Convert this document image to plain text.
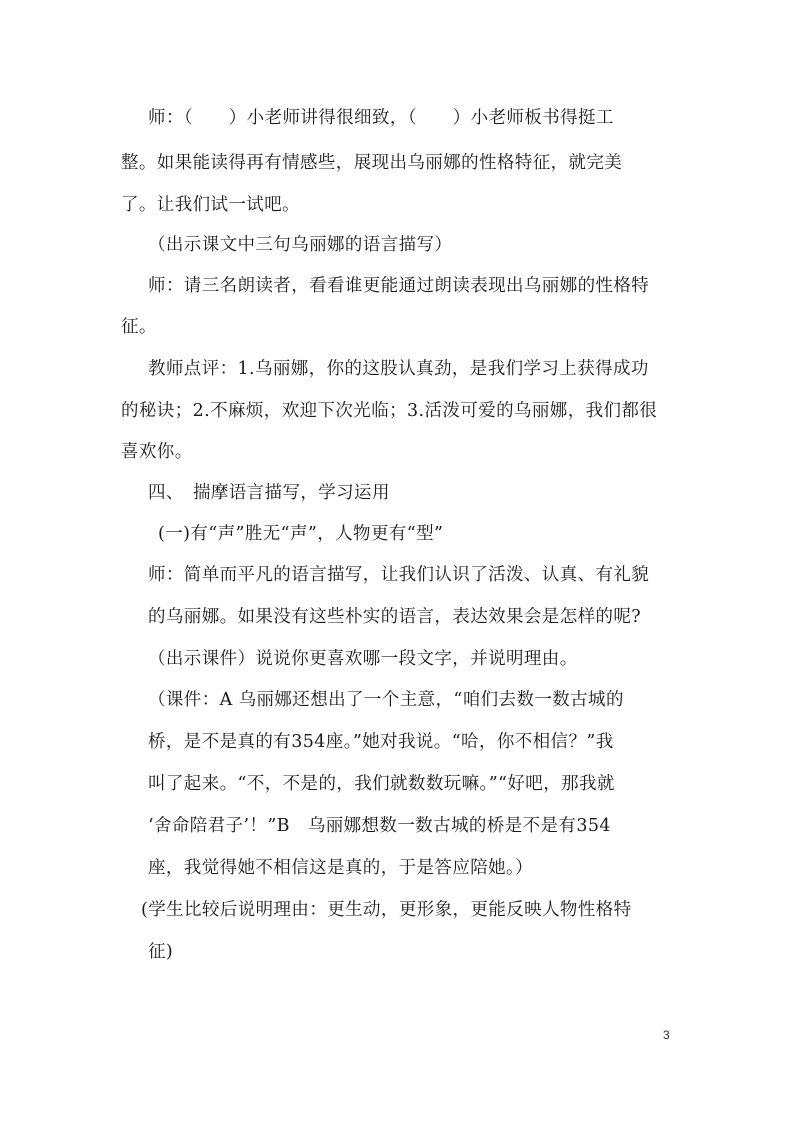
师：（　　）小老师讲得很细致，（　　）小老师板书得挺工
整。如果能读得再有情感些，展现出乌丽娜的性格特征，就完美
了。让我们试一试吧。
（出示课文中三句乌丽娜的语言描写）
师：请三名朗读者，看看谁更能通过朗读表现出乌丽娜的性格特
征。
教师点评：1.乌丽娜，你的这股认真劲，是我们学习上获得成功
的秘诀；2.不麻烦，欢迎下次光临；3.活泼可爱的乌丽娜，我们都很
喜欢你。
四、　揣摩语言描写，学习运用
(一)有“声”胜无“声”，人物更有“型”
师：简单而平凡的语言描写，让我们认识了活泼、认真、有礼貌
的乌丽娜。如果没有这些朴实的语言，表达效果会是怎样的呢?
（出示课件）说说你更喜欢哪一段文字，并说明理由。
（课件：A 乌丽娜还想出了一个主意，“咱们去数一数古城的
桥，是不是真的有354座。”她对我说。“哈，你不相信？”我
叫了起来。“不，不是的，我们就数数玩嘛。”“好吧，那我就
‘舍命陪君子’！”B　乌丽娜想数一数古城的桥是不是有354
座，我觉得她不相信这是真的，于是答应陪她。）
(学生比较后说明理由：更生动，更形象，更能反映人物性格特
征)
3
